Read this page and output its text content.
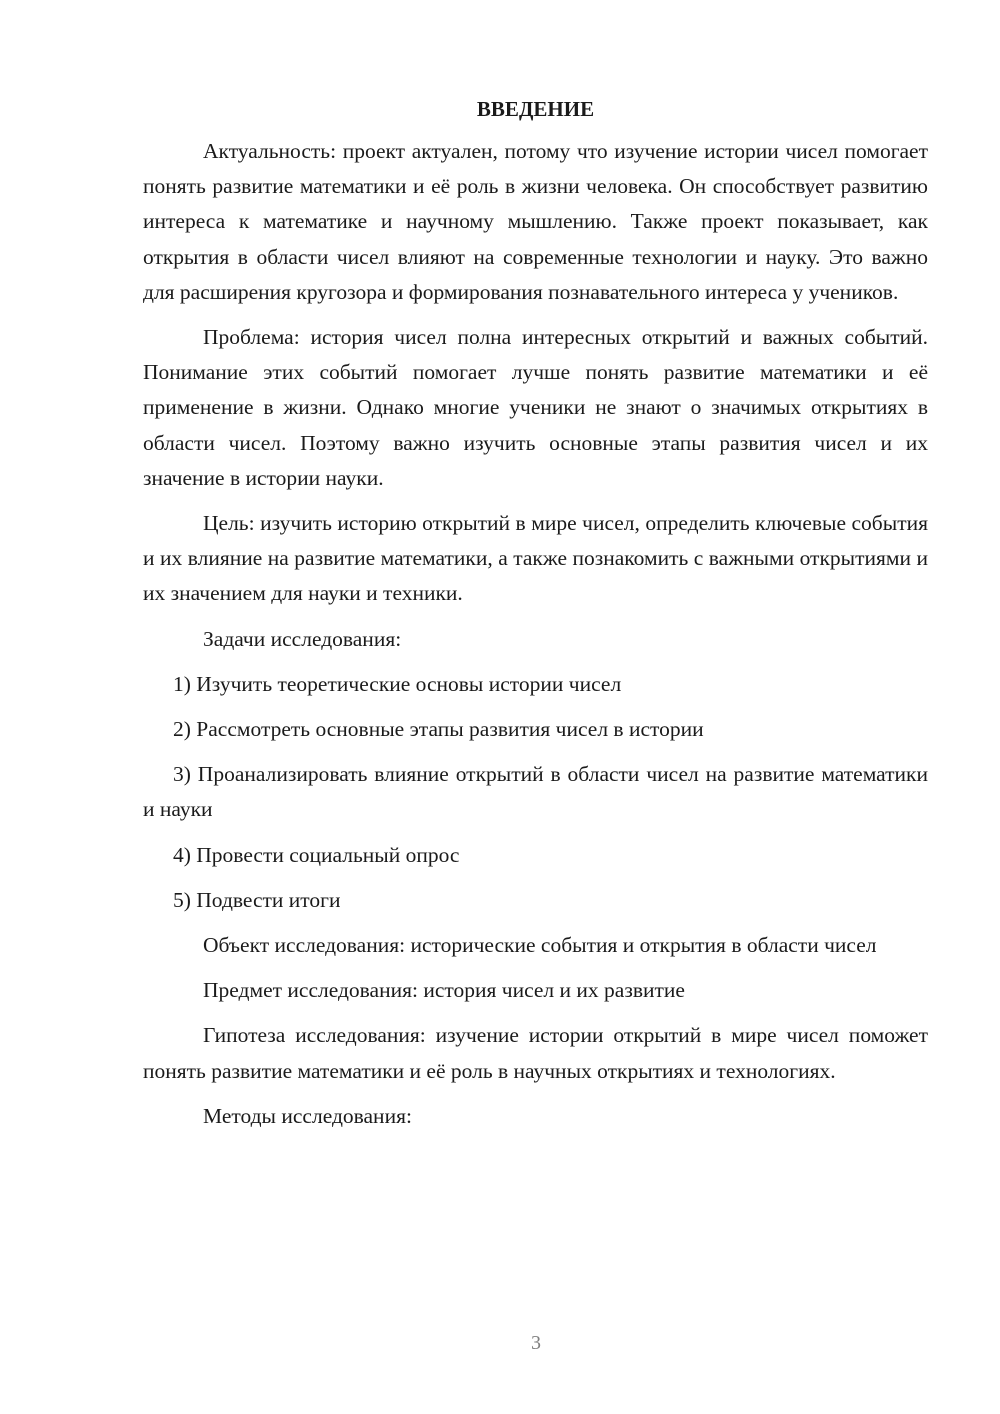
ВВЕДЕНИЕ

Актуальность: проект актуален, потому что изучение истории чисел помогает понять развитие математики и её роль в жизни человека. Он способствует развитию интереса к математике и научному мышлению. Также проект показывает, как открытия в области чисел влияют на современные технологии и науку. Это важно для расширения кругозора и формирования познавательного интереса у учеников.

Проблема: история чисел полна интересных открытий и важных событий. Понимание этих событий помогает лучше понять развитие математики и её применение в жизни. Однако многие ученики не знают о значимых открытиях в области чисел. Поэтому важно изучить основные этапы развития чисел и их значение в истории науки.

Цель: изучить историю открытий в мире чисел, определить ключевые события и их влияние на развитие математики, а также познакомить с важными открытиями и их значением для науки и техники.

Задачи исследования:

1) Изучить теоретические основы истории чисел

2) Рассмотреть основные этапы развития чисел в истории

3) Проанализировать влияние открытий в области чисел на развитие математики и науки

4) Провести социальный опрос

5) Подвести итоги

Объект исследования: исторические события и открытия в области чисел

Предмет исследования: история чисел и их развитие

Гипотеза исследования: изучение истории открытий в мире чисел поможет понять развитие математики и её роль в научных открытиях и технологиях.

Методы исследования:

3
